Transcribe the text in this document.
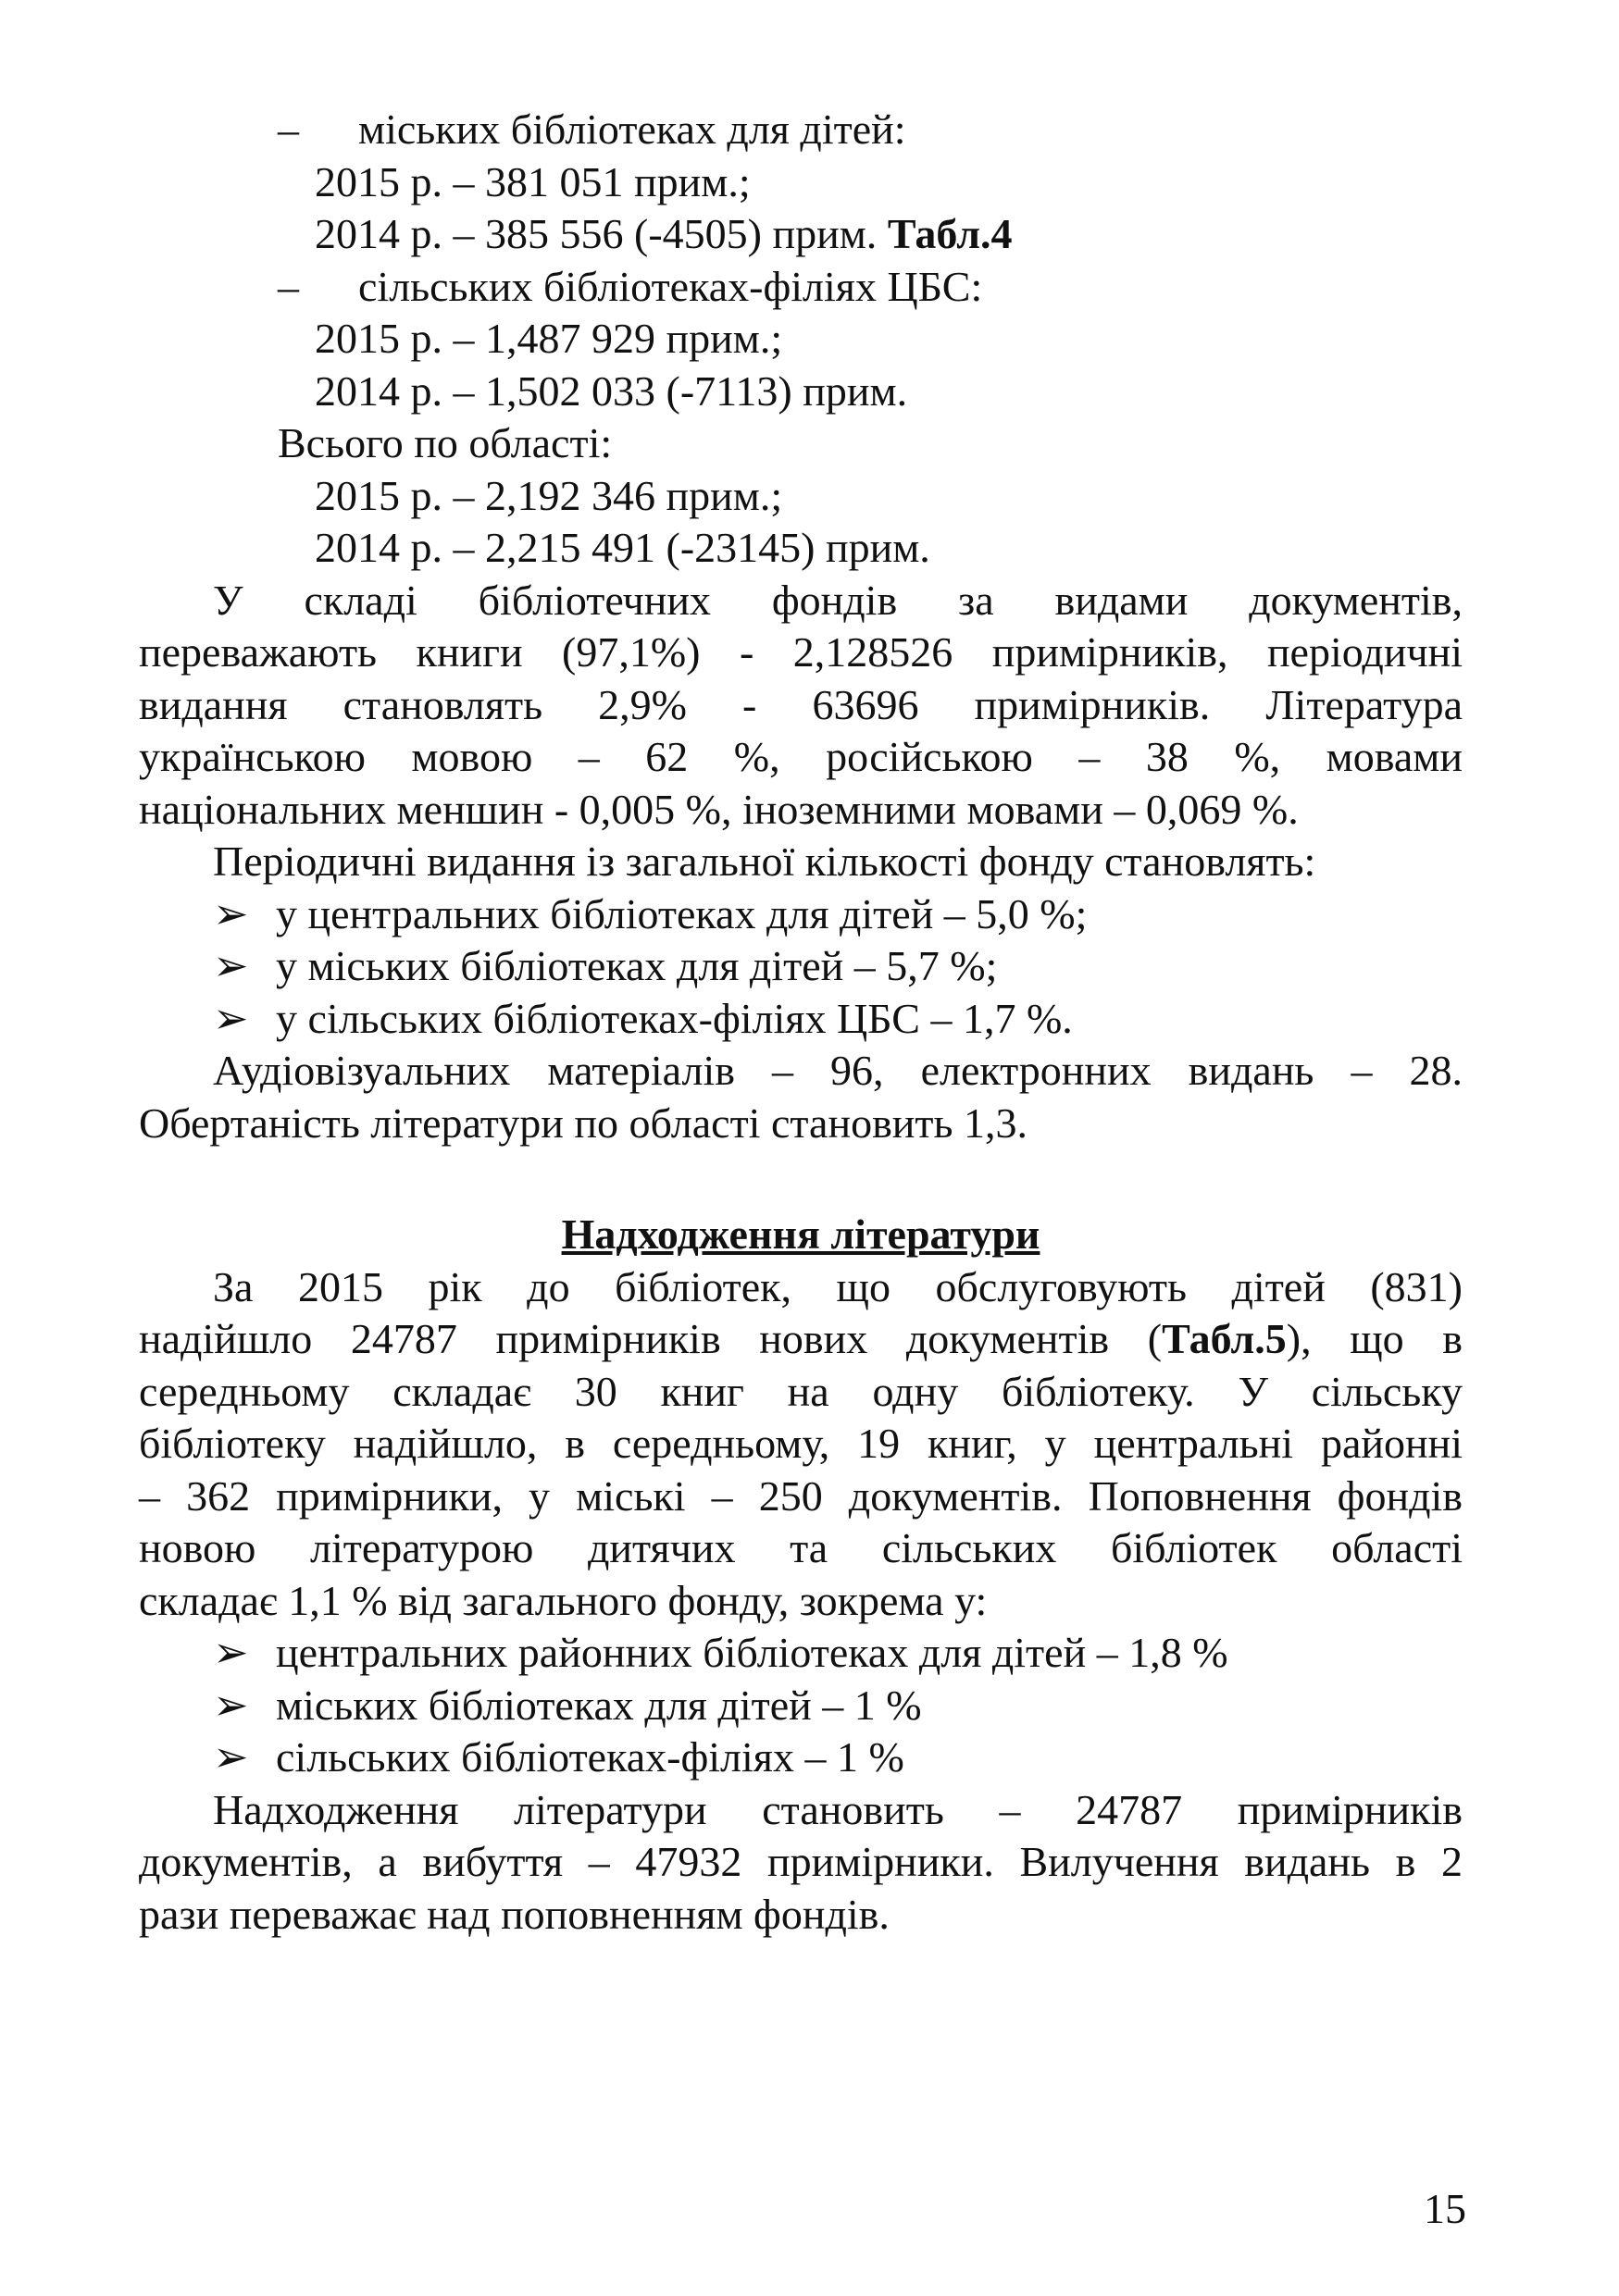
– міських бібліотеках для дітей:
2015 р. – 381 051 прим.;
2014 р. – 385 556 (-4505) прим. Табл.4
– сільських бібліотеках-філіях ЦБС:
2015 р. – 1,487 929 прим.;
2014 р. – 1,502 033 (-7113) прим.
Всього по області:
2015 р. – 2,192 346 прим.;
2014 р. – 2,215 491 (-23145) прим.
У складі бібліотечних фондів за видами документів,
переважають книги (97,1%) - 2,128526 примірників, періодичні
видання становлять 2,9% - 63696 примірників. Література
українською мовою – 62 %, російською – 38 %, мовами
національних меншин - 0,005 %, іноземними мовами – 0,069 %.
Періодичні видання із загальної кількості фонду становлять:
➢ у центральних бібліотеках для дітей – 5,0 %;
➢ у міських бібліотеках для дітей – 5,7 %;
➢ у сільських бібліотеках-філіях ЦБС – 1,7 %.
Аудіовізуальних матеріалів – 96, електронних видань – 28.
Обертаність літератури по області становить 1,3.
Надходження літератури
За 2015 рік до бібліотек, що обслуговують дітей (831)
надійшло 24787 примірників нових документів (Табл.5), що в
середньому складає 30 книг на одну бібліотеку. У сільську
бібліотеку надійшло, в середньому, 19 книг, у центральні районні
– 362 примірники, у міські – 250 документів. Поповнення фондів
новою літературою дитячих та сільських бібліотек області
складає 1,1 % від загального фонду, зокрема у:
➢ центральних районних бібліотеках для дітей – 1,8 %
➢ міських бібліотеках для дітей – 1 %
➢ сільських бібліотеках-філіях – 1 %
Надходження літератури становить – 24787 примірників
документів, а вибуття – 47932 примірники. Вилучення видань в 2
рази переважає над поповненням фондів.
15
